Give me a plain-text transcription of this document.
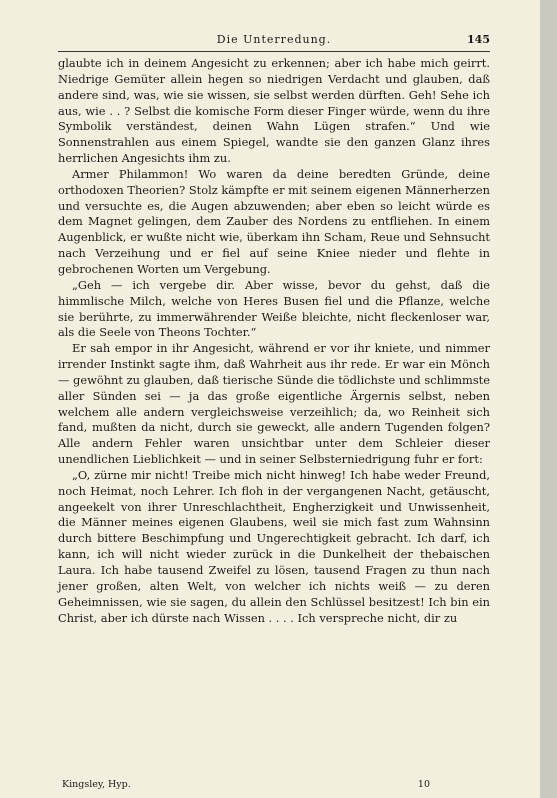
Die Unterredung.	145

glaubte ich in deinem Angesicht zu erkennen; aber ich habe mich geirrt. Niedrige Gemüter allein hegen so niedrigen Verdacht und glauben, daß andere sind, was, wie sie wissen, sie selbst werden dürften. Geh! Sehe ich aus, wie . . ? Selbst die komische Form dieser Finger würde, wenn du ihre Symbolik verständest, deinen Wahn Lügen strafen.“ Und wie Sonnenstrahlen aus einem Spiegel, wandte sie den ganzen Glanz ihres herrlichen Angesichts ihm zu.

Armer Philammon! Wo waren da deine beredten Gründe, deine orthodoxen Theorien? Stolz kämpfte er mit seinem eigenen Männerherzen und versuchte es, die Augen abzuwenden; aber eben so leicht würde es dem Magnet gelingen, dem Zauber des Nordens zu entfliehen. In einem Augenblick, er wußte nicht wie, überkam ihn Scham, Reue und Sehnsucht nach Verzeihung und er fiel auf seine Kniee nieder und flehte in gebrochenen Worten um Vergebung.

„Geh — ich vergebe dir. Aber wisse, bevor du gehst, daß die himmlische Milch, welche von Heres Busen fiel und die Pflanze, welche sie berührte, zu immerwährender Weiße bleichte, nicht fleckenloser war, als die Seele von Theons Tochter.“

Er sah empor in ihr Angesicht, während er vor ihr kniete, und nimmer irrender Instinkt sagte ihm, daß Wahrheit aus ihr rede. Er war ein Mönch — gewöhnt zu glauben, daß tierische Sünde die tödlichste und schlimmste aller Sünden sei — ja das große eigentliche Ärgernis selbst, neben welchem alle andern vergleichsweise verzeihlich; da, wo Reinheit sich fand, mußten da nicht, durch sie geweckt, alle andern Tugenden folgen? Alle andern Fehler waren unsichtbar unter dem Schleier dieser unendlichen Lieblichkeit — und in seiner Selbsterniedrigung fuhr er fort:

„O, zürne mir nicht! Treibe mich nicht hinweg! Ich habe weder Freund, noch Heimat, noch Lehrer. Ich floh in der vergangenen Nacht, getäuscht, angeekelt von ihrer Unreschlachtheit, Engherzigkeit und Unwissenheit, die Männer meines eigenen Glaubens, weil sie mich fast zum Wahnsinn durch bittere Beschimpfung und Ungerechtigkeit gebracht. Ich darf, ich kann, ich will nicht wieder zurück in die Dunkelheit der thebaischen Laura. Ich habe tausend Zweifel zu lösen, tausend Fragen zu thun nach jener großen, alten Welt, von welcher ich nichts weiß — zu deren Geheimnissen, wie sie sagen, du allein den Schlüssel besitzest! Ich bin ein Christ, aber ich dürste nach Wissen . . . . Ich verspreche nicht, dir zu

Kingsley, Hyp.	10
